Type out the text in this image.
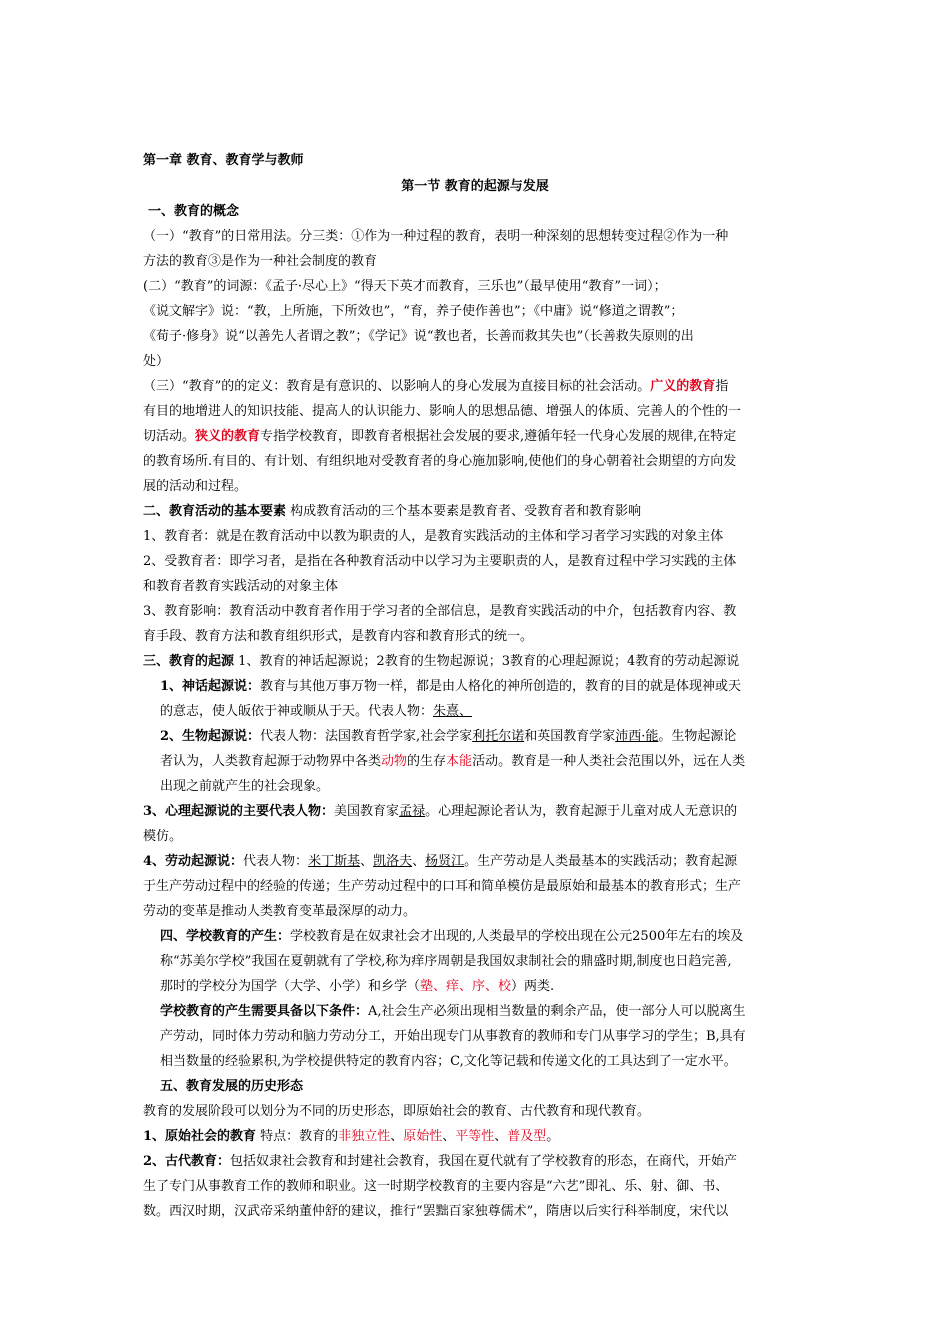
第一章 教育、教育学与教师
第一节 教育的起源与发展
一、教育的概念
（一）“教育”的日常用法。分三类：①作为一种过程的教育，表明一种深刻的思想转变过程②作为一种
方法的教育③是作为一种社会制度的教育
(二）“教育”的词源：《孟子·尽心上》“得天下英才而教育，三乐也”（最早使用“教育”一词）；
《说文解字》说：“教，上所施，下所效也”，“育，养子使作善也”；《中庸》说“修道之谓教”；
《荀子·修身》说“以善先人者谓之教”；《学记》说“教也者，长善而救其失也”（长善救失原则的出
处）
（三）“教育”的的定义：教育是有意识的、以影响人的身心发展为直接目标的社会活动。广义的教育指
有目的地增进人的知识技能、提高人的认识能力、影响人的思想品德、增强人的体质、完善人的个性的一
切活动。狭义的教育专指学校教育，即教育者根据社会发展的要求,遵循年轻一代身心发展的规律,在特定
的教育场所.有目的、有计划、有组织地对受教育者的身心施加影响,使他们的身心朝着社会期望的方向发
展的活动和过程。
二、教育活动的基本要素 构成教育活动的三个基本要素是教育者、受教育者和教育影响
1、教育者：就是在教育活动中以教为职责的人，是教育实践活动的主体和学习者学习实践的对象主体
2、受教育者：即学习者，是指在各种教育活动中以学习为主要职责的人，是教育过程中学习实践的主体
和教育者教育实践活动的对象主体
3、教育影响：教育活动中教育者作用于学习者的全部信息，是教育实践活动的中介，包括教育内容、教
育手段、教育方法和教育组织形式，是教育内容和教育形式的统一。
三、教育的起源 1、教育的神话起源说；2教育的生物起源说；3教育的心理起源说；4教育的劳动起源说
1、神话起源说：教育与其他万事万物一样，都是由人格化的神所创造的，教育的目的就是体现神或天
的意志，使人皈依于神或顺从于天。代表人物：朱熹、
2、生物起源说：代表人物：法国教育哲学家,社会学家利托尔诺和英国教育学家沛西·能。生物起源论
者认为，人类教育起源于动物界中各类动物的生存本能活动。教育是一种人类社会范围以外，远在人类
出现之前就产生的社会现象。
3、心理起源说的主要代表人物：美国教育家孟禄。心理起源论者认为，教育起源于儿童对成人无意识的
模仿。
4、劳动起源说：代表人物：米丁斯基、凯洛夫、杨贤江。生产劳动是人类最基本的实践活动；教育起源
于生产劳动过程中的经验的传递；生产劳动过程中的口耳和简单模仿是最原始和最基本的教育形式；生产
劳动的变革是推动人类教育变革最深厚的动力。
四、学校教育的产生：学校教育是在奴隶社会才出现的,人类最早的学校出现在公元2500年左右的埃及
称“苏美尔学校”我国在夏朝就有了学校,称为痒序周朝是我国奴隶制社会的鼎盛时期,制度也日趋完善,
那时的学校分为国学（大学、小学）和乡学（塾、痒、序、校）两类.
学校教育的产生需要具备以下条件：A,社会生产必须出现相当数量的剩余产品，使一部分人可以脱离生
产劳动，同时体力劳动和脑力劳动分工，开始出现专门从事教育的教师和专门从事学习的学生；B,具有
相当数量的经验累积,为学校提供特定的教育内容；C,文化等记载和传递文化的工具达到了一定水平。
五、教育发展的历史形态
教育的发展阶段可以划分为不同的历史形态，即原始社会的教育、古代教育和现代教育。
1、原始社会的教育 特点：教育的非独立性、原始性、平等性、普及型。
2、古代教育：包括奴隶社会教育和封建社会教育，我国在夏代就有了学校教育的形态，在商代，开始产
生了专门从事教育工作的教师和职业。这一时期学校教育的主要内容是“六艺”即礼、乐、射、御、书、
数。西汉时期，汉武帝采纳董仲舒的建议，推行“罢黜百家独尊儒术”，隋唐以后实行科举制度，宋代以
